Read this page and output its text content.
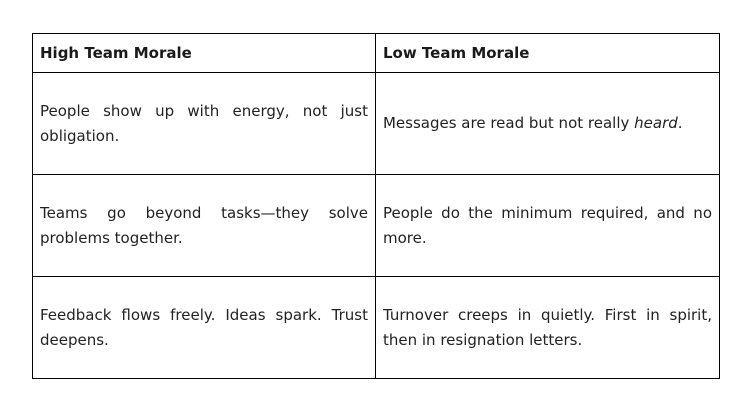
High Team Morale	Low Team Morale
People show up with energy, not just obligation.	Messages are read but not really heard.
Teams go beyond tasks—they solve problems together.	People do the minimum required, and no more.
Feedback flows freely. Ideas spark. Trust deepens.	Turnover creeps in quietly. First in spirit, then in resignation letters.
